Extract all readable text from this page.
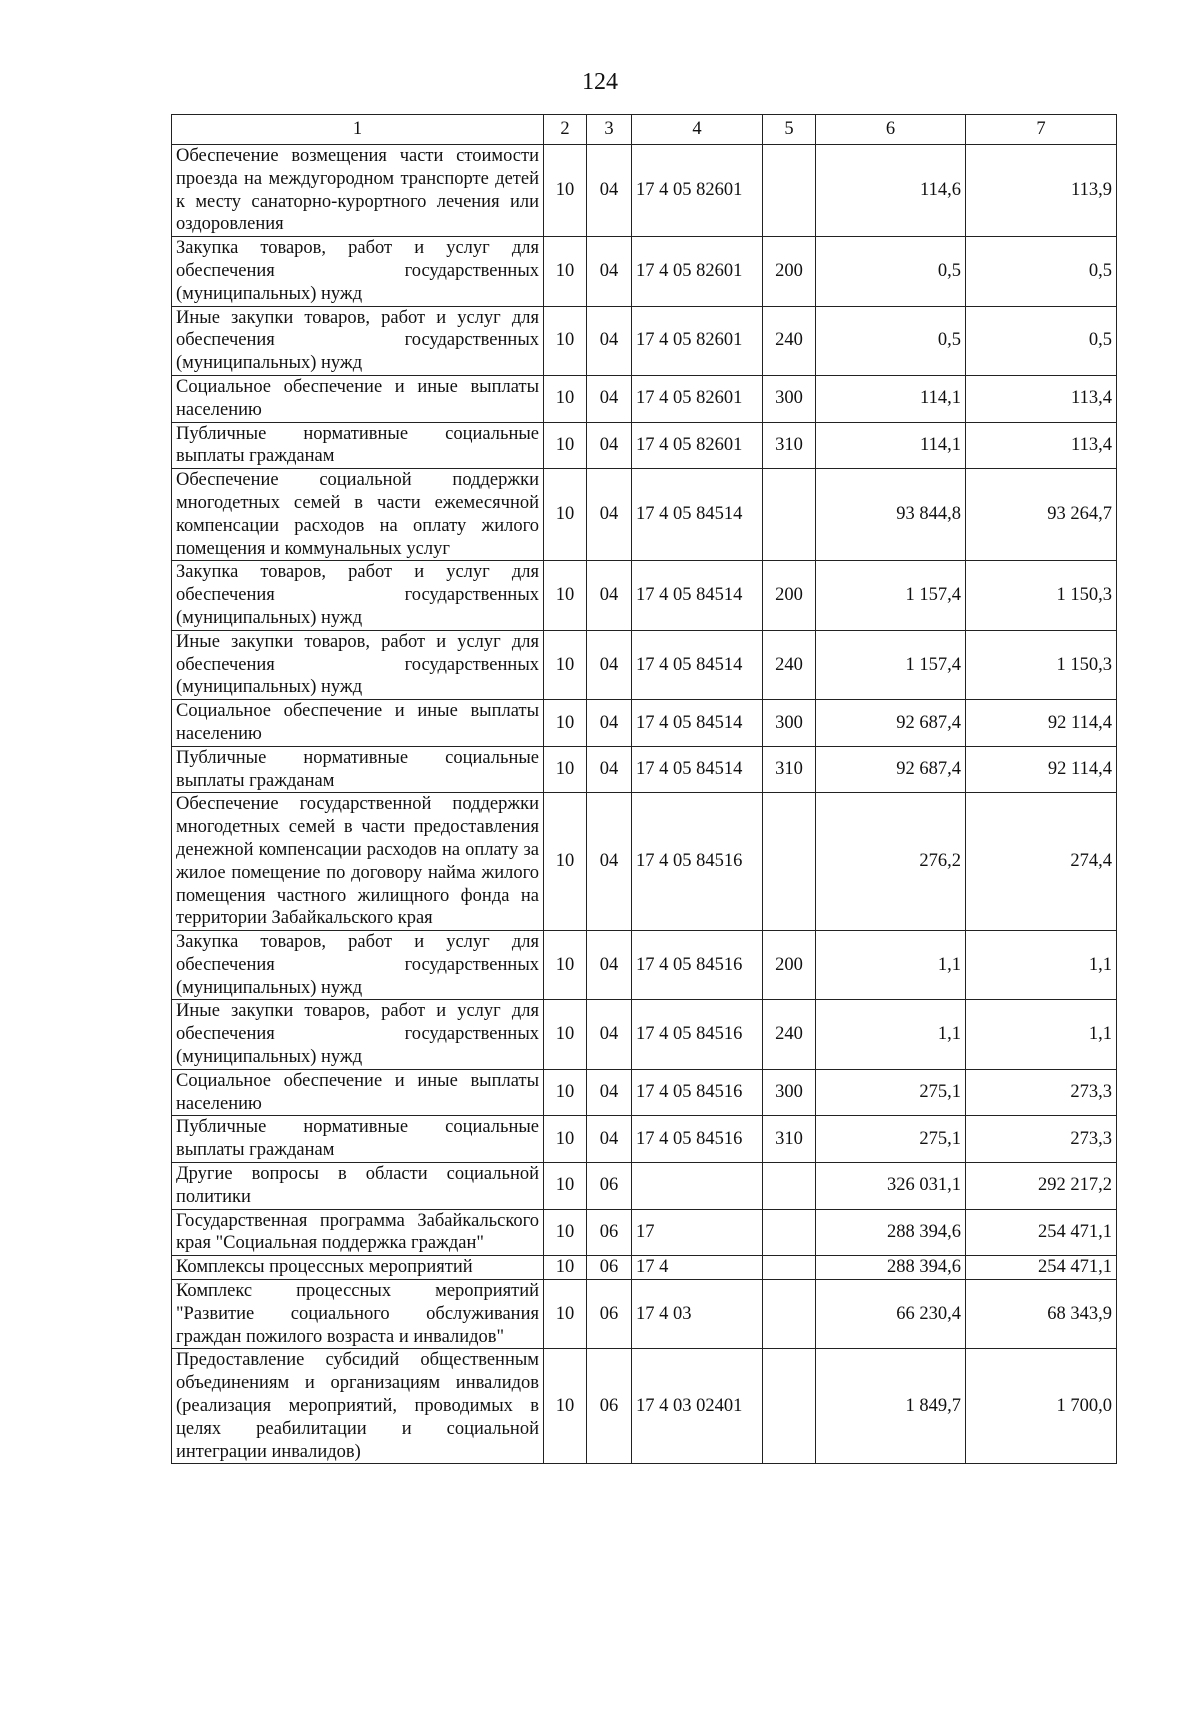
124
1	2	3	4	5	6	7
Обеспечение возмещения части стоимости проезда на междугородном транспорте детей к месту санаторно-курортного лечения или оздоровления	10	04	17 4 05 82601		114,6	113,9
Закупка товаров, работ и услуг для обеспечения государственных (муниципальных) нужд	10	04	17 4 05 82601	200	0,5	0,5
Иные закупки товаров, работ и услуг для обеспечения государственных (муниципальных) нужд	10	04	17 4 05 82601	240	0,5	0,5
Социальное обеспечение и иные выплаты населению	10	04	17 4 05 82601	300	114,1	113,4
Публичные нормативные социальные выплаты гражданам	10	04	17 4 05 82601	310	114,1	113,4
Обеспечение социальной поддержки многодетных семей в части ежемесячной компенсации расходов на оплату жилого помещения и коммунальных услуг	10	04	17 4 05 84514		93 844,8	93 264,7
Закупка товаров, работ и услуг для обеспечения государственных (муниципальных) нужд	10	04	17 4 05 84514	200	1 157,4	1 150,3
Иные закупки товаров, работ и услуг для обеспечения государственных (муниципальных) нужд	10	04	17 4 05 84514	240	1 157,4	1 150,3
Социальное обеспечение и иные выплаты населению	10	04	17 4 05 84514	300	92 687,4	92 114,4
Публичные нормативные социальные выплаты гражданам	10	04	17 4 05 84514	310	92 687,4	92 114,4
Обеспечение государственной поддержки многодетных семей в части предоставления денежной компенсации расходов на оплату за жилое помещение по договору найма жилого помещения частного жилищного фонда на территории Забайкальского края	10	04	17 4 05 84516		276,2	274,4
Закупка товаров, работ и услуг для обеспечения государственных (муниципальных) нужд	10	04	17 4 05 84516	200	1,1	1,1
Иные закупки товаров, работ и услуг для обеспечения государственных (муниципальных) нужд	10	04	17 4 05 84516	240	1,1	1,1
Социальное обеспечение и иные выплаты населению	10	04	17 4 05 84516	300	275,1	273,3
Публичные нормативные социальные выплаты гражданам	10	04	17 4 05 84516	310	275,1	273,3
Другие вопросы в области социальной политики	10	06			326 031,1	292 217,2
Государственная программа Забайкальского края "Социальная поддержка граждан"	10	06	17		288 394,6	254 471,1
Комплексы процессных мероприятий	10	06	17 4		288 394,6	254 471,1
Комплекс процессных мероприятий "Развитие социального обслуживания граждан пожилого возраста и инвалидов"	10	06	17 4 03		66 230,4	68 343,9
Предоставление субсидий общественным объединениям и организациям инвалидов (реализация мероприятий, проводимых в целях реабилитации и социальной интеграции инвалидов)	10	06	17 4 03 02401		1 849,7	1 700,0
